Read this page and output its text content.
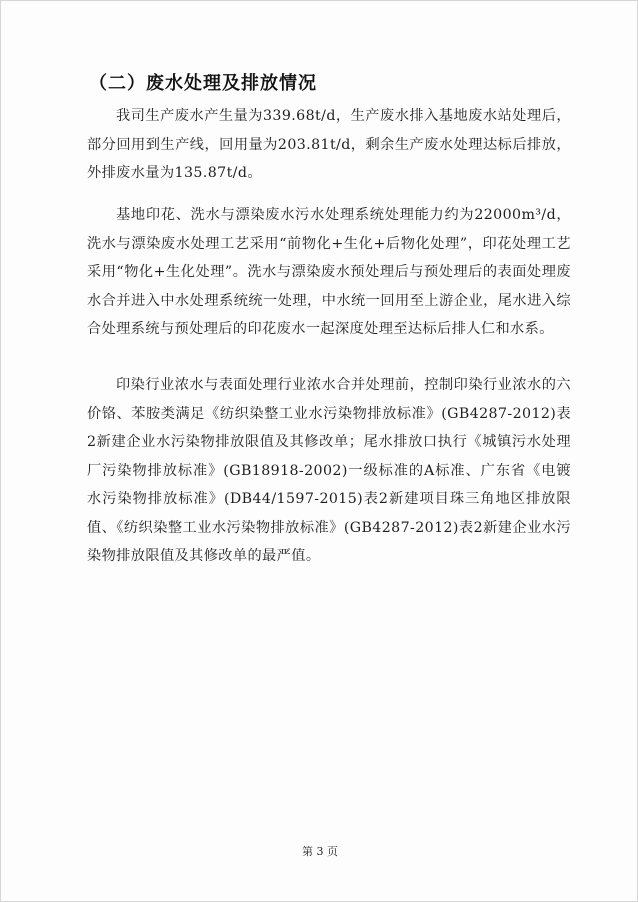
（二）废水处理及排放情况
我司生产废水产生量为339.68t/d，生产废水排入基地废水站处理后，部分回用到生产线，回用量为203.81t/d，剩余生产废水处理达标后排放，外排废水量为135.87t/d。
基地印花、洗水与漂染废水污水处理系统处理能力约为22000m³/d，洗水与漂染废水处理工艺采用“前物化+生化+后物化处理”，印花处理工艺采用“物化+生化处理”。洗水与漂染废水预处理后与预处理后的表面处理废水合并进入中水处理系统统一处理，中水统一回用至上游企业，尾水进入综合处理系统与预处理后的印花废水一起深度处理至达标后排人仁和水系。
印染行业浓水与表面处理行业浓水合并处理前，控制印染行业浓水的六价铬、苯胺类满足《纺织染整工业水污染物排放标准》(GB4287-2012)表2新建企业水污染物排放限值及其修改单；尾水排放口执行《城镇污水处理厂污染物排放标准》(GB18918-2002)一级标准的A标准、广东省《电镀水污染物排放标准》(DB44/1597-2015)表2新建项目珠三角地区排放限值、《纺织染整工业水污染物排放标准》(GB4287-2012)表2新建企业水污染物排放限值及其修改单的最严值。
第 3 页
